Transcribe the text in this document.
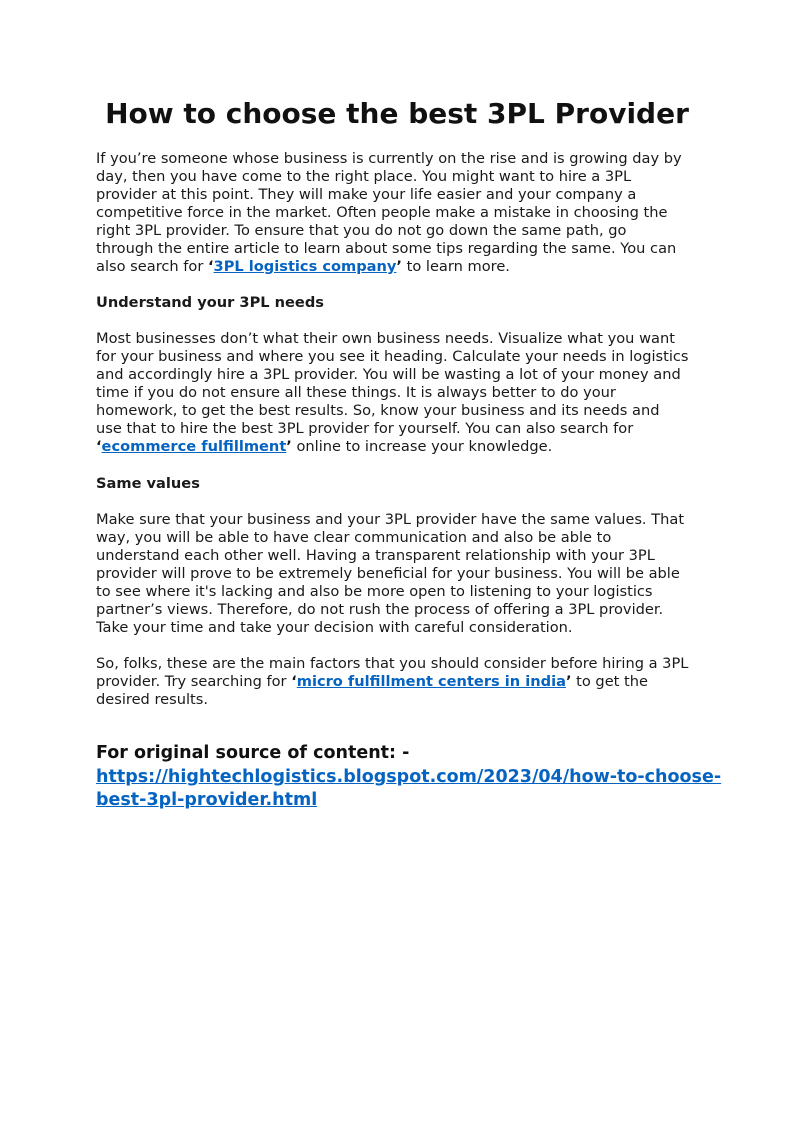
How to choose the best 3PL Provider

If you’re someone whose business is currently on the rise and is growing day by

day, then you have come to the right place. You might want to hire a 3PL

provider at this point. They will make your life easier and your company a

competitive force in the market. Often people make a mistake in choosing the

right 3PL provider. To ensure that you do not go down the same path, go

through the entire article to learn about some tips regarding the same. You can

also search for ‘3PL logistics company’ to learn more.

Understand your 3PL needs

Most businesses don’t what their own business needs. Visualize what you want

for your business and where you see it heading. Calculate your needs in logistics

and accordingly hire a 3PL provider. You will be wasting a lot of your money and

time if you do not ensure all these things. It is always better to do your

homework, to get the best results. So, know your business and its needs and

use that to hire the best 3PL provider for yourself. You can also search for

‘ecommerce fulfillment’ online to increase your knowledge.

Same values

Make sure that your business and your 3PL provider have the same values. That

way, you will be able to have clear communication and also be able to

understand each other well. Having a transparent relationship with your 3PL

provider will prove to be extremely beneficial for your business. You will be able

to see where it's lacking and also be more open to listening to your logistics

partner’s views. Therefore, do not rush the process of offering a 3PL provider.

Take your time and take your decision with careful consideration.

So, folks, these are the main factors that you should consider before hiring a 3PL

provider. Try searching for ‘micro fulfillment centers in india’ to get the

desired results.

For original source of content: -

https://hightechlogistics.blogspot.com/2023/04/how-to-choose-

best-3pl-provider.html
